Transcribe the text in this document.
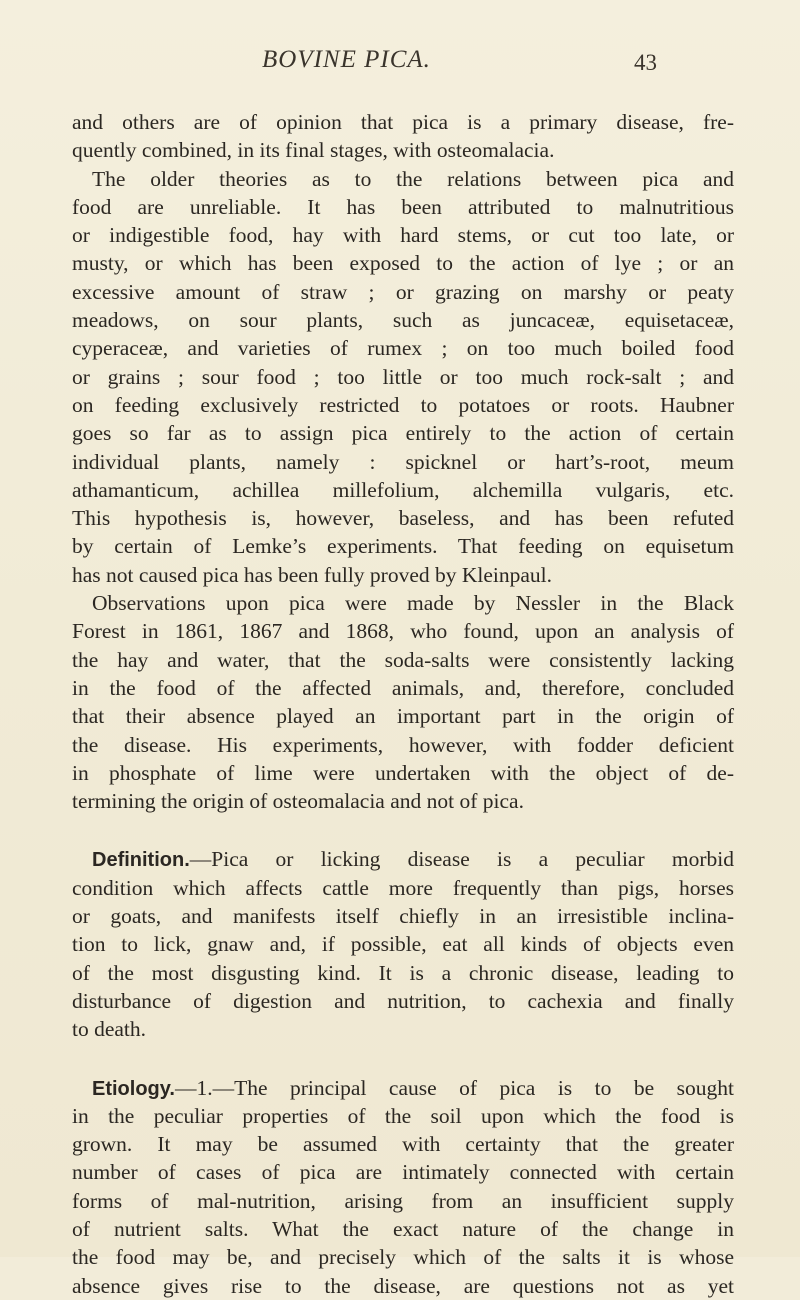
BOVINE PICA.	43
and others are of opinion that pica is a primary disease, fre-
quently combined, in its final stages, with osteomalacia.
The older theories as to the relations between pica and
food are unreliable. It has been attributed to malnutritious
or indigestible food, hay with hard stems, or cut too late, or
musty, or which has been exposed to the action of lye ; or an
excessive amount of straw ; or grazing on marshy or peaty
meadows, on sour plants, such as juncaceæ, equisetaceæ,
cyperaceæ, and varieties of rumex ; on too much boiled food
or grains ; sour food ; too little or too much rock-salt ; and
on feeding exclusively restricted to potatoes or roots. Haubner
goes so far as to assign pica entirely to the action of certain
individual plants, namely : spicknel or hart’s-root, meum
athamanticum, achillea millefolium, alchemilla vulgaris, etc.
This hypothesis is, however, baseless, and has been refuted
by certain of Lemke’s experiments. That feeding on equisetum
has not caused pica has been fully proved by Kleinpaul.
Observations upon pica were made by Nessler in the Black
Forest in 1861, 1867 and 1868, who found, upon an analysis of
the hay and water, that the soda-salts were consistently lacking
in the food of the affected animals, and, therefore, concluded
that their absence played an important part in the origin of
the disease. His experiments, however, with fodder deficient
in phosphate of lime were undertaken with the object of de-
termining the origin of osteomalacia and not of pica.
Definition.—Pica or licking disease is a peculiar morbid
condition which affects cattle more frequently than pigs, horses
or goats, and manifests itself chiefly in an irresistible inclina-
tion to lick, gnaw and, if possible, eat all kinds of objects even
of the most disgusting kind. It is a chronic disease, leading to
disturbance of digestion and nutrition, to cachexia and finally
to death.
Etiology.—1.—The principal cause of pica is to be sought
in the peculiar properties of the soil upon which the food is
grown. It may be assumed with certainty that the greater
number of cases of pica are intimately connected with certain
forms of mal-nutrition, arising from an insufficient supply
of nutrient salts. What the exact nature of the change in
the food may be, and precisely which of the salts it is whose
absence gives rise to the disease, are questions not as yet
